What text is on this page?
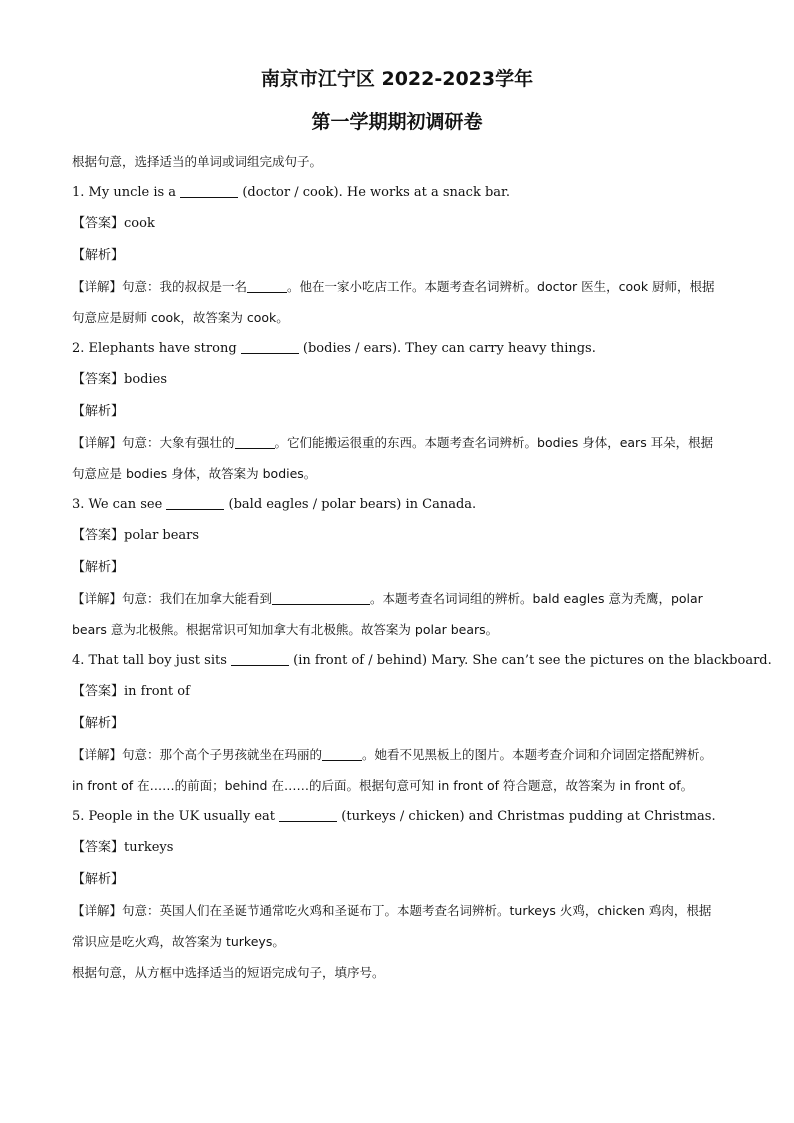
南京市江宁区 2022-2023学年
第一学期期初调研卷

根据句意，选择适当的单词或词组完成句子。

1. My uncle is a	(doctor / cook). He works at a snack bar.

【答案】cook

【解析】

【详解】句意：我的叔叔是一名	。他在一家小吃店工作。本题考查名词辨析。doctor 医生，cook 厨师，根据句意应是厨师 cook，故答案为 cook。

2. Elephants have strong	(bodies / ears). They can carry heavy things.

【答案】bodies

【解析】

【详解】句意：大象有强壮的	。它们能搬运很重的东西。本题考查名词辨析。bodies 身体，ears 耳朵，根据句意应是 bodies 身体，故答案为 bodies。

3. We can see	(bald eagles / polar bears) in Canada.

【答案】polar bears

【解析】

【详解】句意：我们在加拿大能看到	。本题考查名词词组的辨析。bald eagles 意为秃鹰，polar bears 意为北极熊。根据常识可知加拿大有北极熊。故答案为 polar bears。

4. That tall boy just sits	(in front of / behind) Mary. She can’t see the pictures on the blackboard.

【答案】in front of

【解析】

【详解】句意：那个高个子男孩就坐在玛丽的	。她看不见黑板上的图片。本题考查介词和介词固定搭配辨析。in front of 在……的前面；behind 在……的后面。根据句意可知 in front of 符合题意，故答案为 in front of。

5. People in the UK usually eat	(turkeys / chicken) and Christmas pudding at Christmas.

【答案】turkeys

【解析】

【详解】句意：英国人们在圣诞节通常吃火鸡和圣诞布丁。本题考查名词辨析。turkeys 火鸡，chicken 鸡肉，根据常识应是吃火鸡，故答案为 turkeys。

根据句意，从方框中选择适当的短语完成句子，填序号。
